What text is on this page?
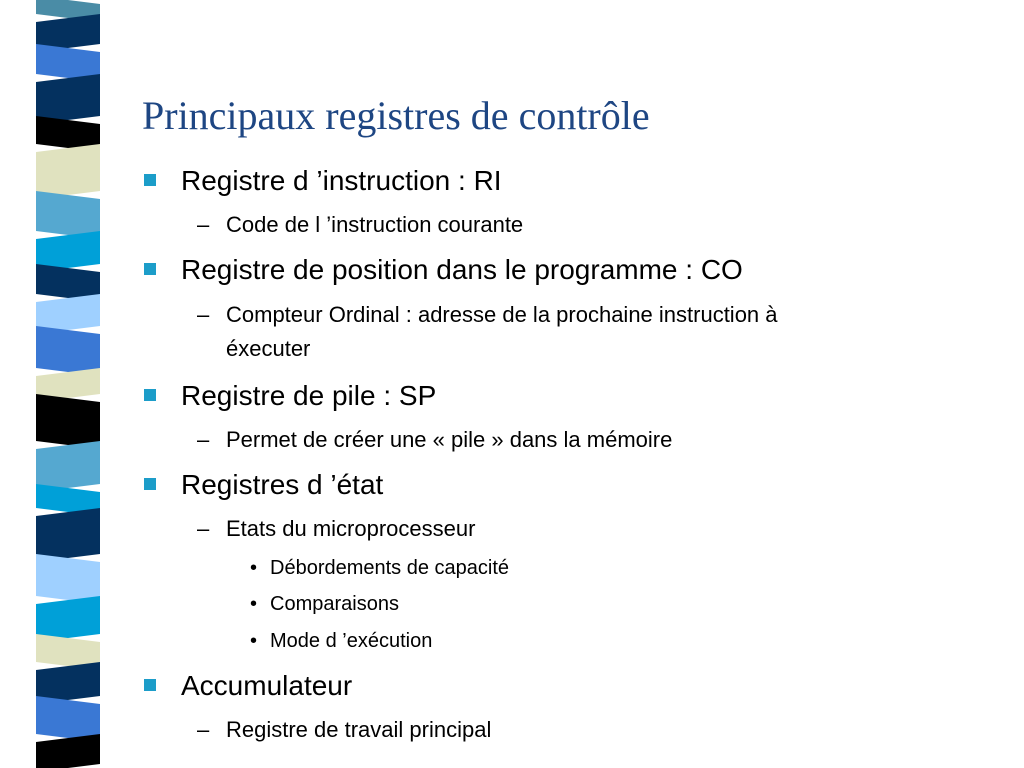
Principaux registres de contrôle
Registre d ’instruction : RI
– Code de l ’instruction courante
Registre de position dans le programme : CO
– Compteur Ordinal : adresse de la prochaine instruction à
éxecuter
Registre de pile : SP
– Permet de créer une « pile » dans la mémoire
Registres d ’état
– Etats du microprocesseur
• Débordements de capacité
• Comparaisons
• Mode d ’exécution
Accumulateur
– Registre de travail principal
